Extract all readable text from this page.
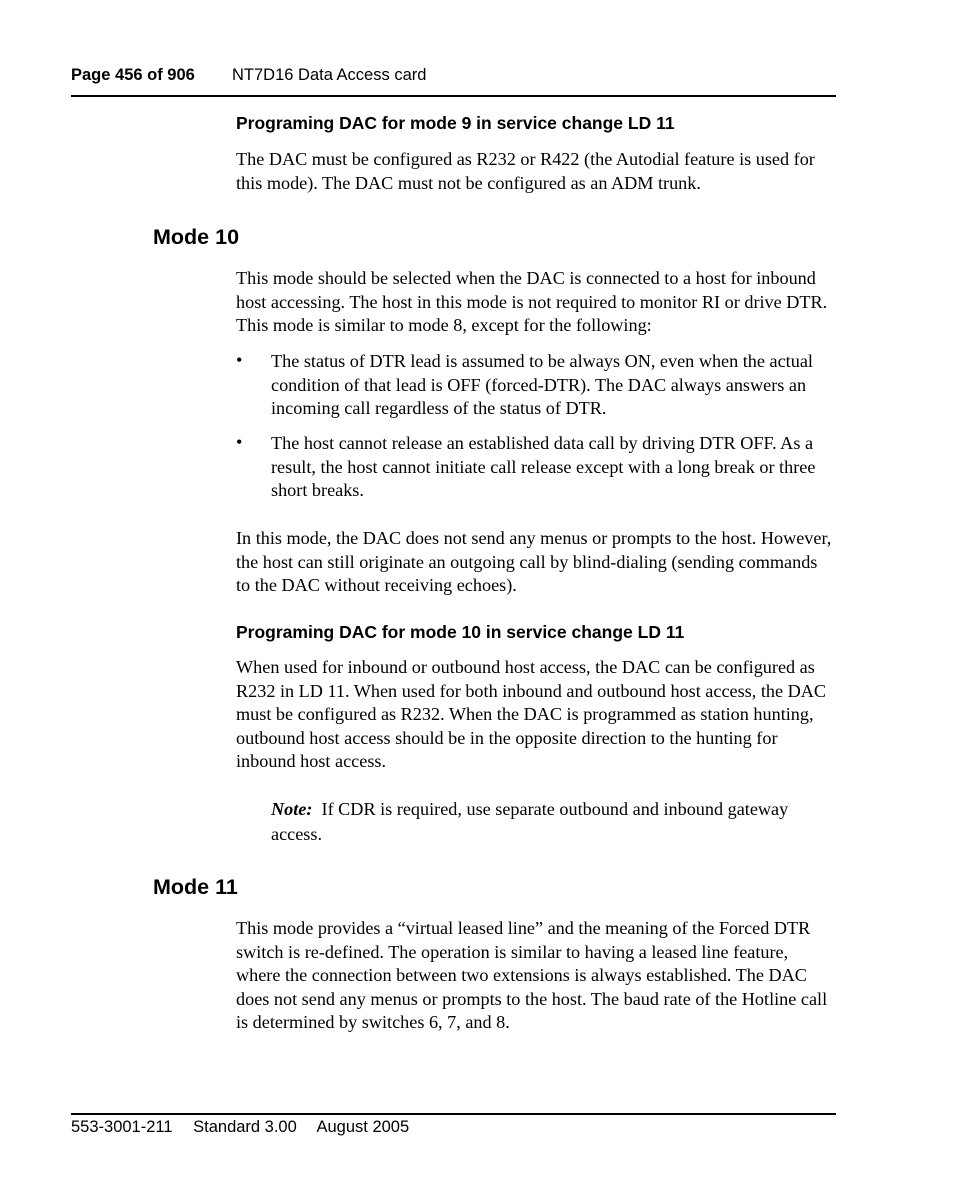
Page 456 of 906 NT7D16 Data Access card
Programing DAC for mode 9 in service change LD 11

The DAC must be configured as R232 or R422 (the Autodial feature is used for this mode). The DAC must not be configured as an ADM trunk.

Mode 10

This mode should be selected when the DAC is connected to a host for inbound host accessing. The host in this mode is not required to monitor RI or drive DTR. This mode is similar to mode 8, except for the following:

• The status of DTR lead is assumed to be always ON, even when the actual condition of that lead is OFF (forced-DTR). The DAC always answers an incoming call regardless of the status of DTR.

• The host cannot release an established data call by driving DTR OFF. As a result, the host cannot initiate call release except with a long break or three short breaks.

In this mode, the DAC does not send any menus or prompts to the host. However, the host can still originate an outgoing call by blind-dialing (sending commands to the DAC without receiving echoes).

Programing DAC for mode 10 in service change LD 11

When used for inbound or outbound host access, the DAC can be configured as R232 in LD 11. When used for both inbound and outbound host access, the DAC must be configured as R232. When the DAC is programmed as station hunting, outbound host access should be in the opposite direction to the hunting for inbound host access.

Note: If CDR is required, use separate outbound and inbound gateway access.

Mode 11

This mode provides a “virtual leased line” and the meaning of the Forced DTR switch is re-defined. The operation is similar to having a leased line feature, where the connection between two extensions is always established. The DAC does not send any menus or prompts to the host. The baud rate of the Hotline call is determined by switches 6, 7, and 8.

553-3001-211 Standard 3.00 August 2005
